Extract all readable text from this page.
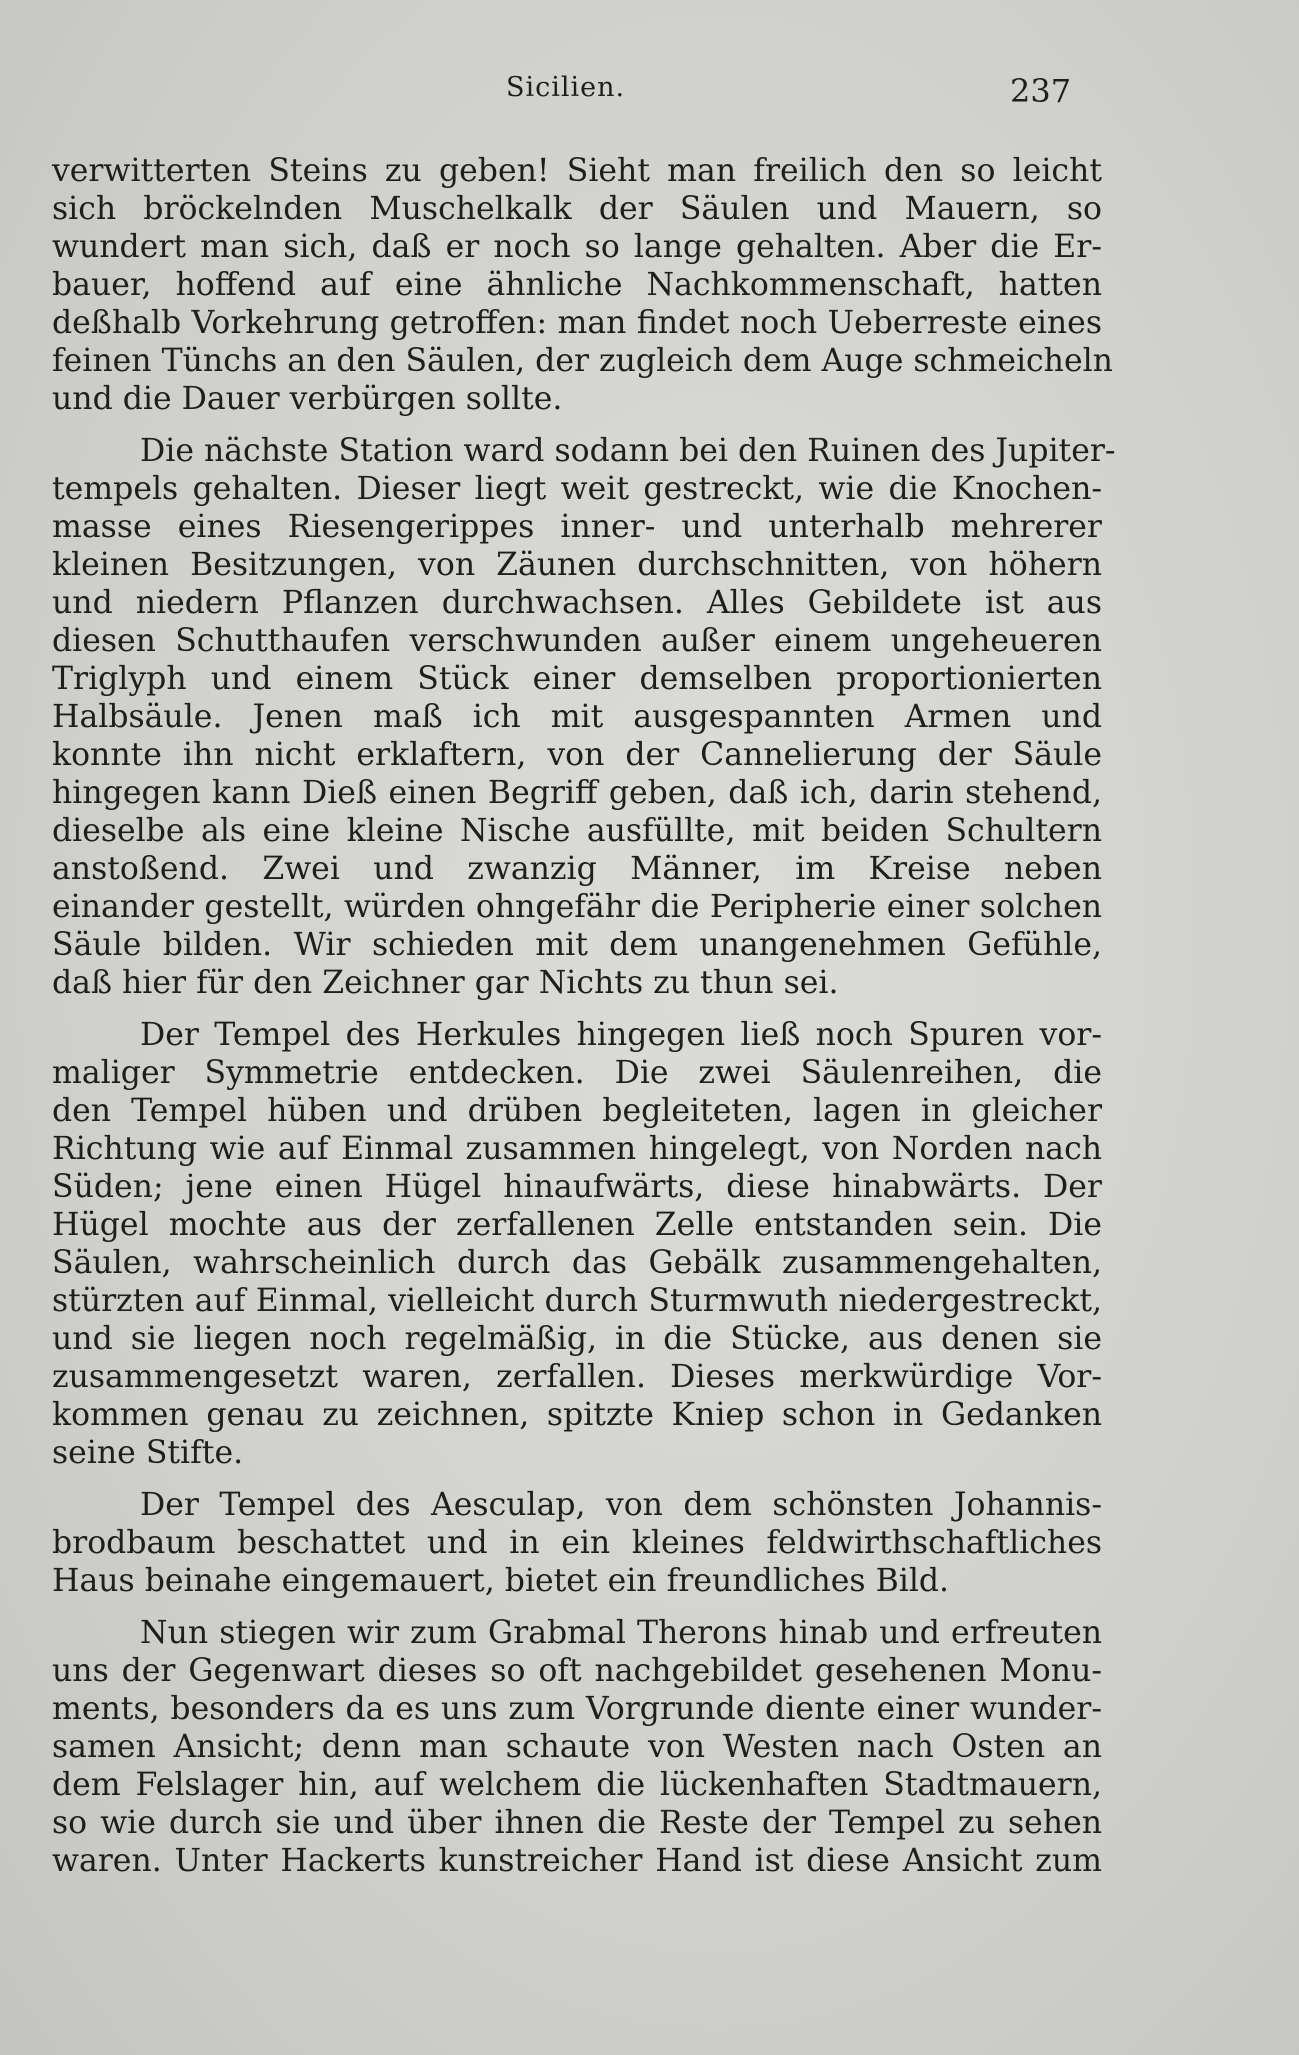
Sicilien.	237
verwitterten Steins zu geben! Sieht man freilich den so leicht
sich bröckelnden Muschelkalk der Säulen und Mauern, so
wundert man sich, daß er noch so lange gehalten. Aber die Er-
bauer, hoffend auf eine ähnliche Nachkommenschaft, hatten
deßhalb Vorkehrung getroffen: man findet noch Ueberreste eines
feinen Tünchs an den Säulen, der zugleich dem Auge schmeicheln
und die Dauer verbürgen sollte.
Die nächste Station ward sodann bei den Ruinen des Jupiter-
tempels gehalten. Dieser liegt weit gestreckt, wie die Knochen-
masse eines Riesengerippes inner- und unterhalb mehrerer
kleinen Besitzungen, von Zäunen durchschnitten, von höhern
und niedern Pflanzen durchwachsen. Alles Gebildete ist aus
diesen Schutthaufen verschwunden außer einem ungeheueren
Triglyph und einem Stück einer demselben proportionierten
Halbsäule. Jenen maß ich mit ausgespannten Armen und
konnte ihn nicht erklaftern, von der Cannelierung der Säule
hingegen kann Dieß einen Begriff geben, daß ich, darin stehend,
dieselbe als eine kleine Nische ausfüllte, mit beiden Schultern
anstoßend. Zwei und zwanzig Männer, im Kreise neben
einander gestellt, würden ohngefähr die Peripherie einer solchen
Säule bilden. Wir schieden mit dem unangenehmen Gefühle,
daß hier für den Zeichner gar Nichts zu thun sei.
Der Tempel des Herkules hingegen ließ noch Spuren vor-
maliger Symmetrie entdecken. Die zwei Säulenreihen, die
den Tempel hüben und drüben begleiteten, lagen in gleicher
Richtung wie auf Einmal zusammen hingelegt, von Norden nach
Süden; jene einen Hügel hinaufwärts, diese hinabwärts. Der
Hügel mochte aus der zerfallenen Zelle entstanden sein. Die
Säulen, wahrscheinlich durch das Gebälk zusammengehalten,
stürzten auf Einmal, vielleicht durch Sturmwuth niedergestreckt,
und sie liegen noch regelmäßig, in die Stücke, aus denen sie
zusammengesetzt waren, zerfallen. Dieses merkwürdige Vor-
kommen genau zu zeichnen, spitzte Kniep schon in Gedanken
seine Stifte.
Der Tempel des Aesculap, von dem schönsten Johannis-
brodbaum beschattet und in ein kleines feldwirthschaftliches
Haus beinahe eingemauert, bietet ein freundliches Bild.
Nun stiegen wir zum Grabmal Therons hinab und erfreuten
uns der Gegenwart dieses so oft nachgebildet gesehenen Monu-
ments, besonders da es uns zum Vorgrunde diente einer wunder-
samen Ansicht; denn man schaute von Westen nach Osten an
dem Felslager hin, auf welchem die lückenhaften Stadtmauern,
so wie durch sie und über ihnen die Reste der Tempel zu sehen
waren. Unter Hackerts kunstreicher Hand ist diese Ansicht zum
